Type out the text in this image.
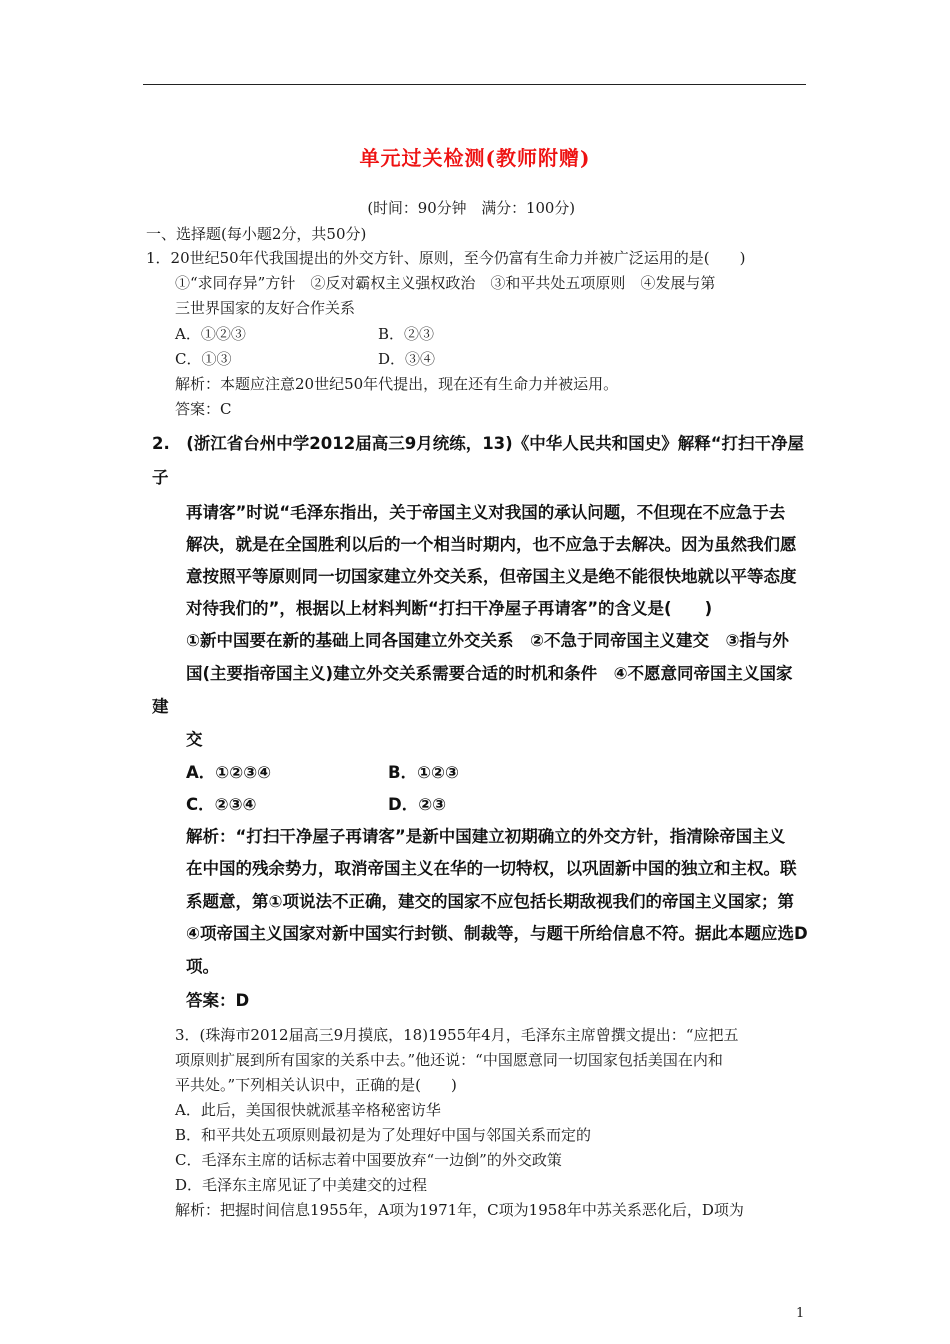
单元过关检测(教师附赠)
(时间：90分钟　满分：100分)
一、选择题(每小题2分，共50分)
1．20世纪50年代我国提出的外交方针、原则，至今仍富有生命力并被广泛运用的是(　　)
①“求同存异”方针　②反对霸权主义强权政治　③和平共处五项原则　④发展与第
三世界国家的友好合作关系
A．①②③	B．②③
C．①③	D．③④
解析：本题应注意20世纪50年代提出，现在还有生命力并被运用。
答案：C
2.　(浙江省台州中学2012届高三9月统练，13)《中华人民共和国史》解释“打扫干净屋
子
再请客”时说“毛泽东指出，关于帝国主义对我国的承认问题，不但现在不应急于去
解决，就是在全国胜利以后的一个相当时期内，也不应急于去解决。因为虽然我们愿
意按照平等原则同一切国家建立外交关系，但帝国主义是绝不能很快地就以平等态度
对待我们的”，根据以上材料判断“打扫干净屋子再请客”的含义是(　　)
①新中国要在新的基础上同各国建立外交关系　②不急于同帝国主义建交　③指与外
国(主要指帝国主义)建立外交关系需要合适的时机和条件　④不愿意同帝国主义国家
建
交
A．①②③④	B．①②③
C．②③④	D．②③
解析：“打扫干净屋子再请客”是新中国建立初期确立的外交方针，指清除帝国主义
在中国的残余势力，取消帝国主义在华的一切特权，以巩固新中国的独立和主权。联
系题意，第①项说法不正确，建交的国家不应包括长期敌视我们的帝国主义国家；第
④项帝国主义国家对新中国实行封锁、制裁等，与题干所给信息不符。据此本题应选D
项。
答案：D
3．(珠海市2012届高三9月摸底，18)1955年4月，毛泽东主席曾撰文提出：“应把五
项原则扩展到所有国家的关系中去。”他还说：“中国愿意同一切国家包括美国在内和
平共处。”下列相关认识中，正确的是(　　)
A．此后，美国很快就派基辛格秘密访华
B．和平共处五项原则最初是为了处理好中国与邻国关系而定的
C．毛泽东主席的话标志着中国要放弃“一边倒”的外交政策
D．毛泽东主席见证了中美建交的过程
解析：把握时间信息1955年，A项为1971年，C项为1958年中苏关系恶化后，D项为
1
